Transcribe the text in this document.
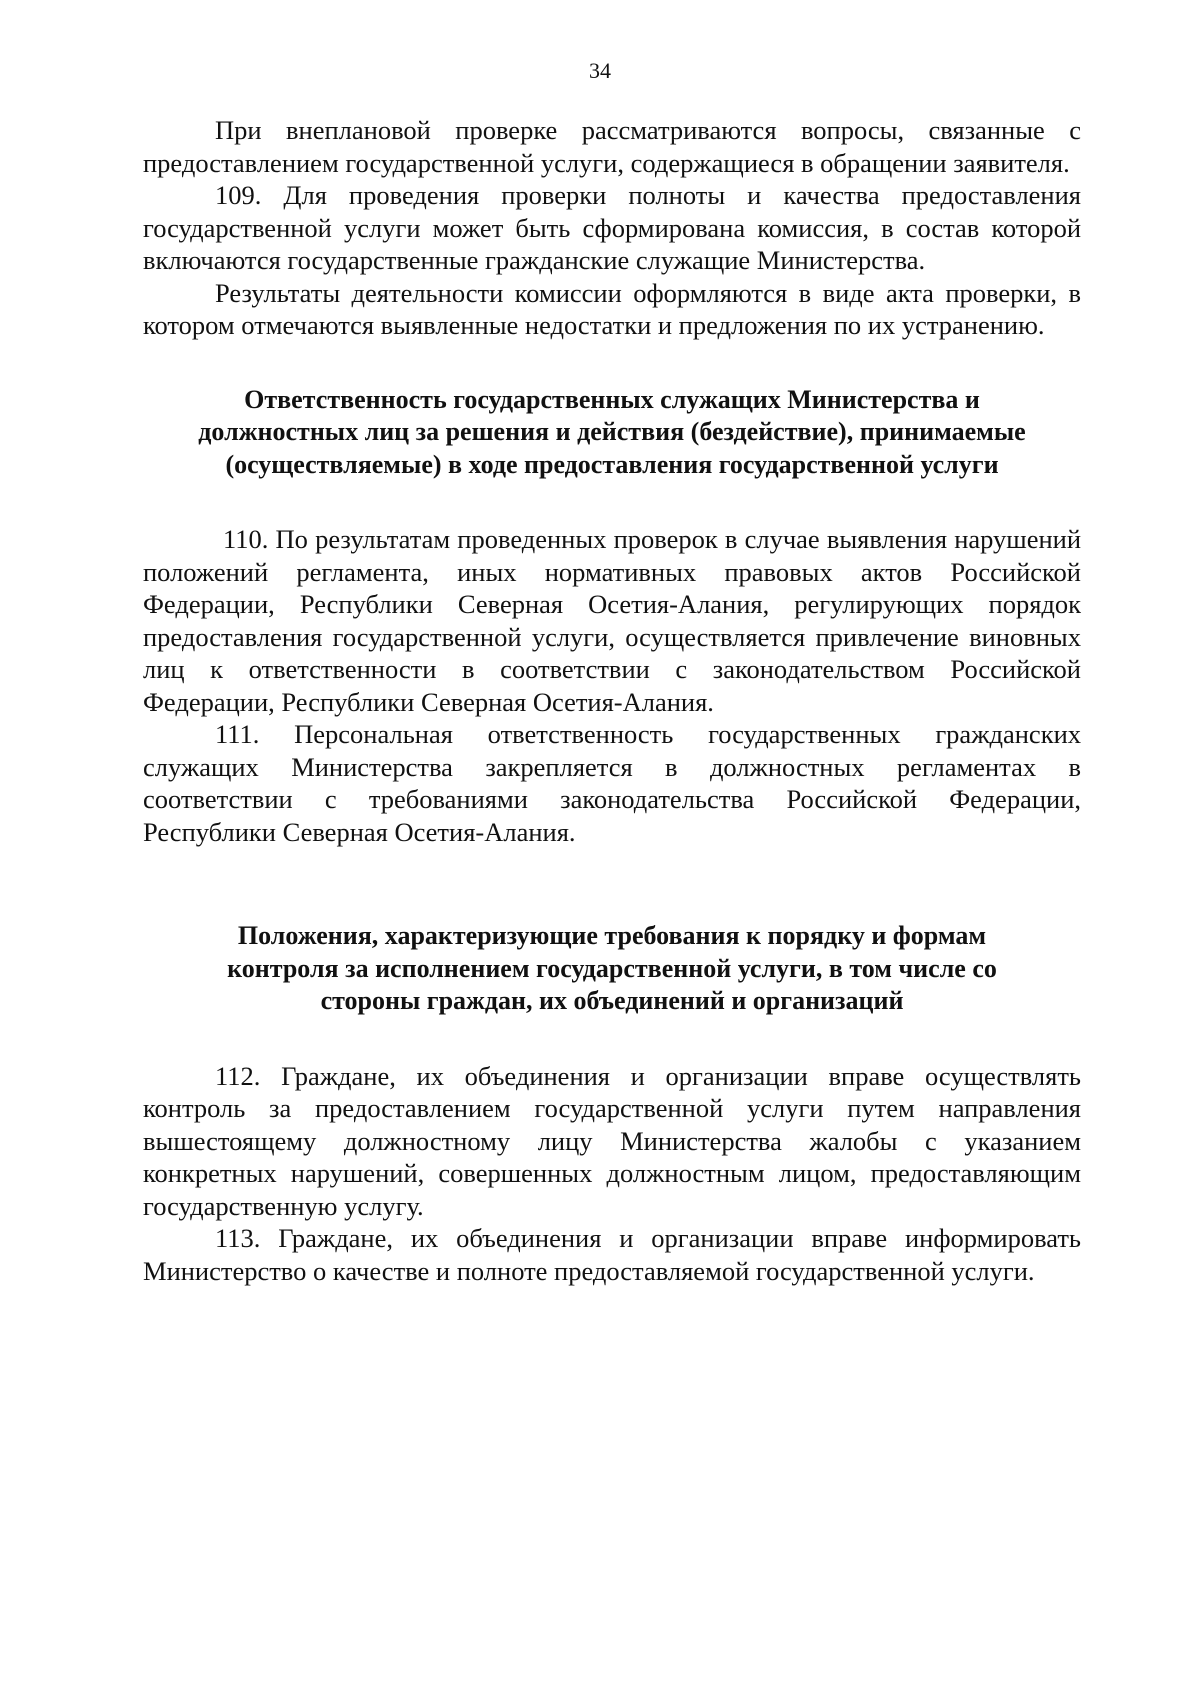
34

При внеплановой проверке рассматриваются вопросы, связанные с предоставлением государственной услуги, содержащиеся в обращении заявителя.

109. Для проведения проверки полноты и качества предоставления государственной услуги может быть сформирована комиссия, в состав которой включаются государственные гражданские служащие Министерства.

Результаты деятельности комиссии оформляются в виде акта проверки, в котором отмечаются выявленные недостатки и предложения по их устранению.

Ответственность государственных служащих Министерства и
должностных лиц за решения и действия (бездействие), принимаемые
(осуществляемые) в ходе предоставления государственной услуги

110. По результатам проведенных проверок в случае выявления нарушений положений регламента, иных нормативных правовых актов Российской Федерации, Республики Северная Осетия-Алания, регулирующих порядок предоставления государственной услуги, осуществляется привлечение виновных лиц к ответственности в соответствии с законодательством Российской Федерации, Республики Северная Осетия-Алания.

111. Персональная ответственность государственных гражданских служащих Министерства закрепляется в должностных регламентах в соответствии с требованиями законодательства Российской Федерации, Республики Северная Осетия-Алания.

Положения, характеризующие требования к порядку и формам
контроля за исполнением государственной услуги, в том числе со
стороны граждан, их объединений и организаций

112. Граждане, их объединения и организации вправе осуществлять контроль за предоставлением государственной услуги путем направления вышестоящему должностному лицу Министерства жалобы с указанием конкретных нарушений, совершенных должностным лицом, предоставляющим государственную услугу.

113. Граждане, их объединения и организации вправе информировать Министерство о качестве и полноте предоставляемой государственной услуги.
